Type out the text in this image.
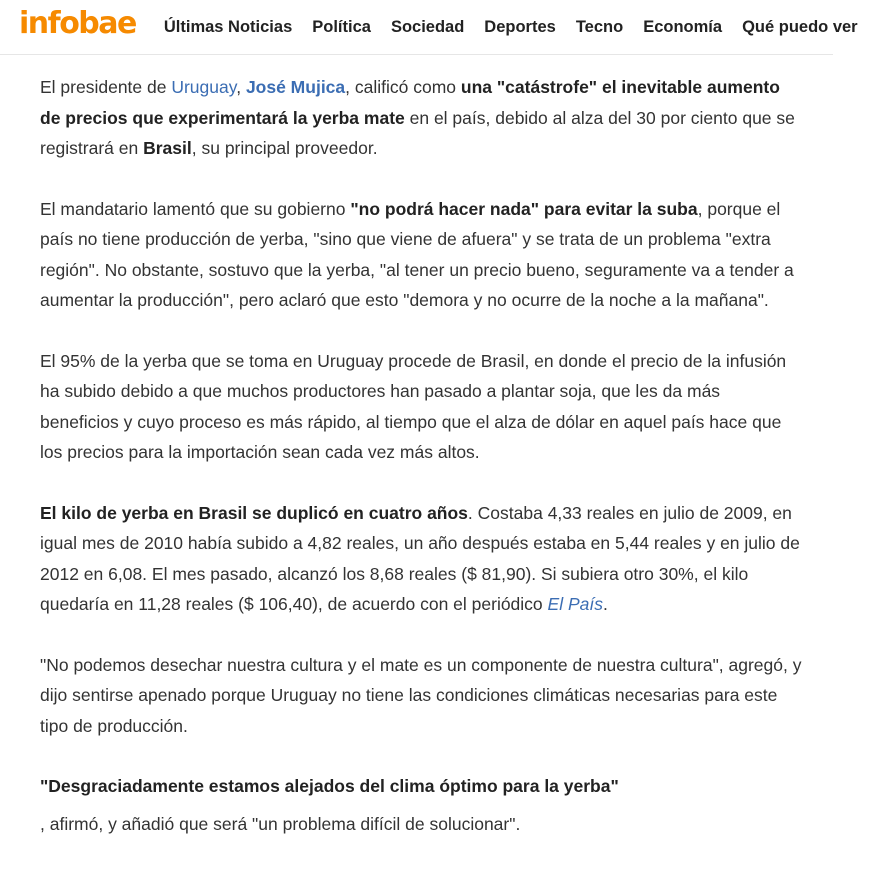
infobae Últimas Noticias Política Sociedad Deportes Tecno Economía Qué puedo ver

El presidente de Uruguay, José Mujica, calificó como una "catástrofe" el inevitable aumento de precios que experimentará la yerba mate en el país, debido al alza del 30 por ciento que se registrará en Brasil, su principal proveedor.

El mandatario lamentó que su gobierno "no podrá hacer nada" para evitar la suba, porque el país no tiene producción de yerba, "sino que viene de afuera" y se trata de un problema "extra región". No obstante, sostuvo que la yerba, "al tener un precio bueno, seguramente va a tender a aumentar la producción", pero aclaró que esto "demora y no ocurre de la noche a la mañana".

El 95% de la yerba que se toma en Uruguay procede de Brasil, en donde el precio de la infusión ha subido debido a que muchos productores han pasado a plantar soja, que les da más beneficios y cuyo proceso es más rápido, al tiempo que el alza de dólar en aquel país hace que los precios para la importación sean cada vez más altos.

El kilo de yerba en Brasil se duplicó en cuatro años. Costaba 4,33 reales en julio de 2009, en igual mes de 2010 había subido a 4,82 reales, un año después estaba en 5,44 reales y en julio de 2012 en 6,08. El mes pasado, alcanzó los 8,68 reales ($ 81,90). Si subiera otro 30%, el kilo quedaría en 11,28 reales ($ 106,40), de acuerdo con el periódico El País.

"No podemos desechar nuestra cultura y el mate es un componente de nuestra cultura", agregó, y dijo sentirse apenado porque Uruguay no tiene las condiciones climáticas necesarias para este tipo de producción.

"Desgraciadamente estamos alejados del clima óptimo para la yerba"

, afirmó, y añadió que será "un problema difícil de solucionar".
